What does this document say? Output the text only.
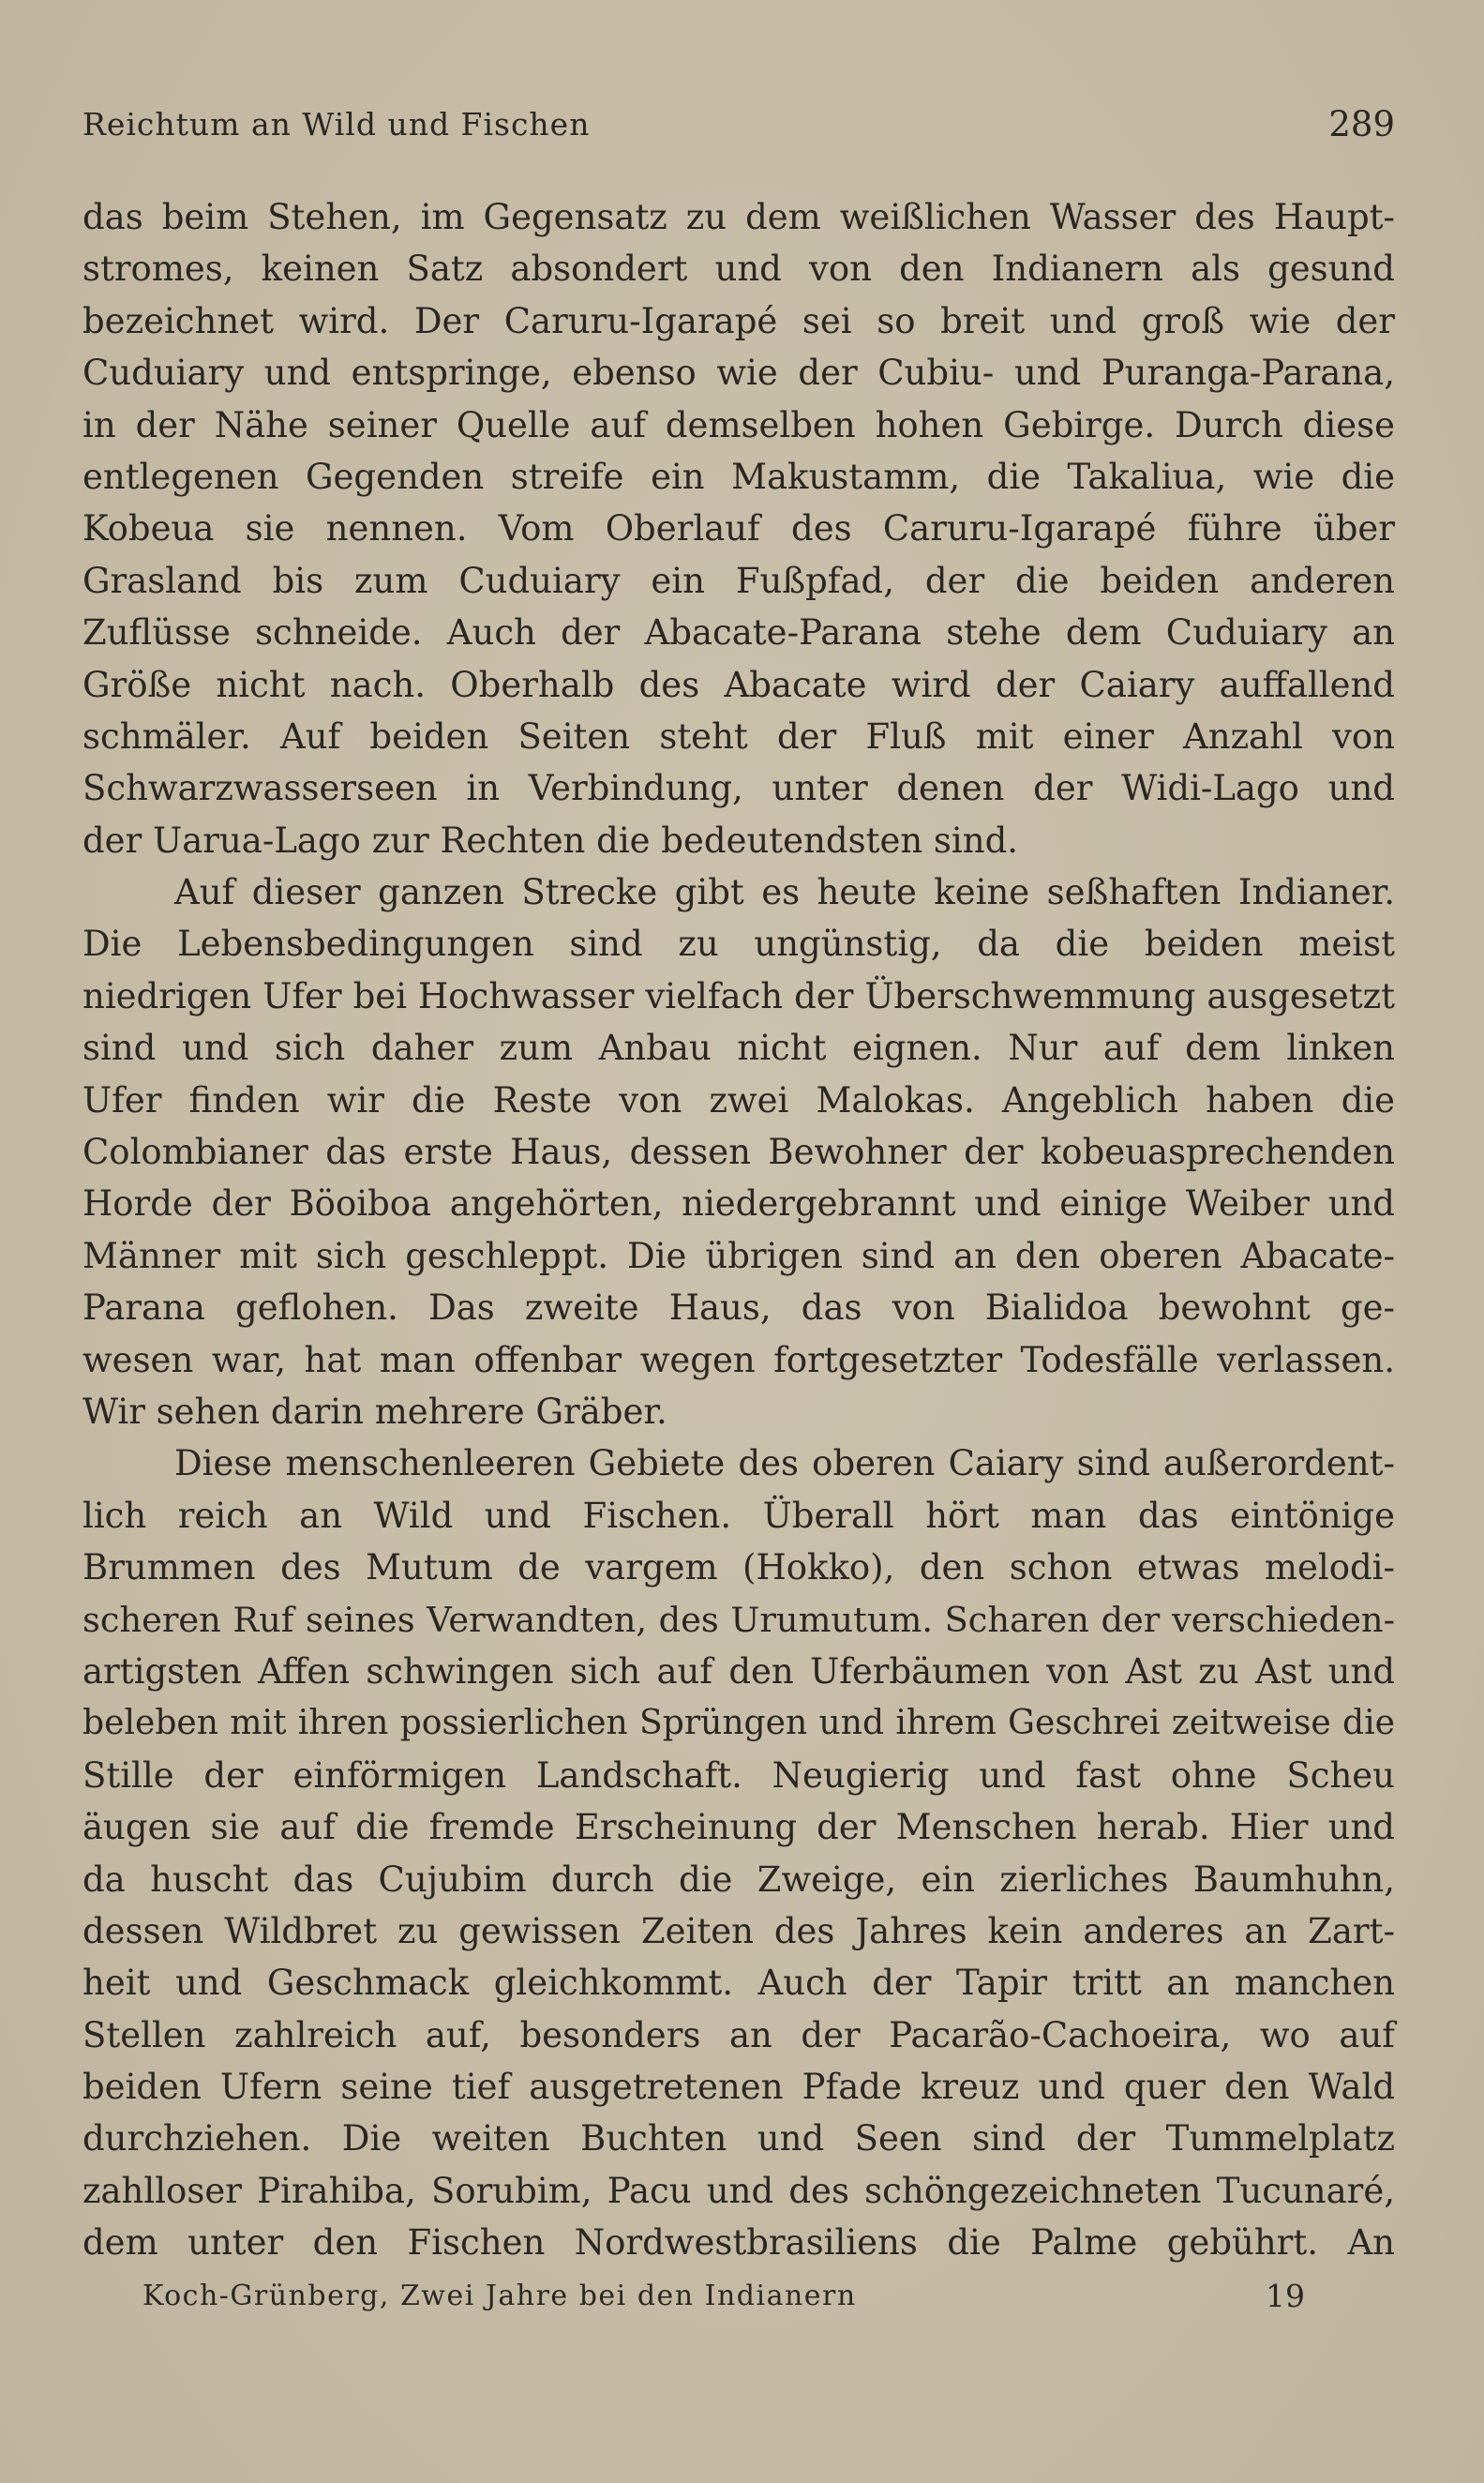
Reichtum an Wild und Fischen	289
das beim Stehen, im Gegensatz zu dem weißlichen Wasser des Haupt-
stromes, keinen Satz absondert und von den Indianern als gesund
bezeichnet wird. Der Caruru-Igarapé sei so breit und groß wie der
Cuduiary und entspringe, ebenso wie der Cubiu- und Puranga-Parana,
in der Nähe seiner Quelle auf demselben hohen Gebirge. Durch diese
entlegenen Gegenden streife ein Makustamm, die Takaliua, wie die
Kobeua sie nennen. Vom Oberlauf des Caruru-Igarapé führe über
Grasland bis zum Cuduiary ein Fußpfad, der die beiden anderen
Zuflüsse schneide. Auch der Abacate-Parana stehe dem Cuduiary an
Größe nicht nach. Oberhalb des Abacate wird der Caiary auffallend
schmäler. Auf beiden Seiten steht der Fluß mit einer Anzahl von
Schwarzwasserseen in Verbindung, unter denen der Widi-Lago und
der Uarua-Lago zur Rechten die bedeutendsten sind.
Auf dieser ganzen Strecke gibt es heute keine seßhaften Indianer.
Die Lebensbedingungen sind zu ungünstig, da die beiden meist
niedrigen Ufer bei Hochwasser vielfach der Überschwemmung ausgesetzt
sind und sich daher zum Anbau nicht eignen. Nur auf dem linken
Ufer finden wir die Reste von zwei Malokas. Angeblich haben die
Colombianer das erste Haus, dessen Bewohner der kobeuasprechenden
Horde der Böoiboa angehörten, niedergebrannt und einige Weiber und
Männer mit sich geschleppt. Die übrigen sind an den oberen Abacate-
Parana geflohen. Das zweite Haus, das von Bialidoa bewohnt ge-
wesen war, hat man offenbar wegen fortgesetzter Todesfälle verlassen.
Wir sehen darin mehrere Gräber.
Diese menschenleeren Gebiete des oberen Caiary sind außerordent-
lich reich an Wild und Fischen. Überall hört man das eintönige
Brummen des Mutum de vargem (Hokko), den schon etwas melodi-
scheren Ruf seines Verwandten, des Urumutum. Scharen der verschieden-
artigsten Affen schwingen sich auf den Uferbäumen von Ast zu Ast und
beleben mit ihren possierlichen Sprüngen und ihrem Geschrei zeitweise die
Stille der einförmigen Landschaft. Neugierig und fast ohne Scheu
äugen sie auf die fremde Erscheinung der Menschen herab. Hier und
da huscht das Cujubim durch die Zweige, ein zierliches Baumhuhn,
dessen Wildbret zu gewissen Zeiten des Jahres kein anderes an Zart-
heit und Geschmack gleichkommt. Auch der Tapir tritt an manchen
Stellen zahlreich auf, besonders an der Pacarão-Cachoeira, wo auf
beiden Ufern seine tief ausgetretenen Pfade kreuz und quer den Wald
durchziehen. Die weiten Buchten und Seen sind der Tummelplatz
zahlloser Pirahiba, Sorubim, Pacu und des schöngezeichneten Tucunaré,
dem unter den Fischen Nordwestbrasiliens die Palme gebührt. An
Koch-Grünberg, Zwei Jahre bei den Indianern	19
